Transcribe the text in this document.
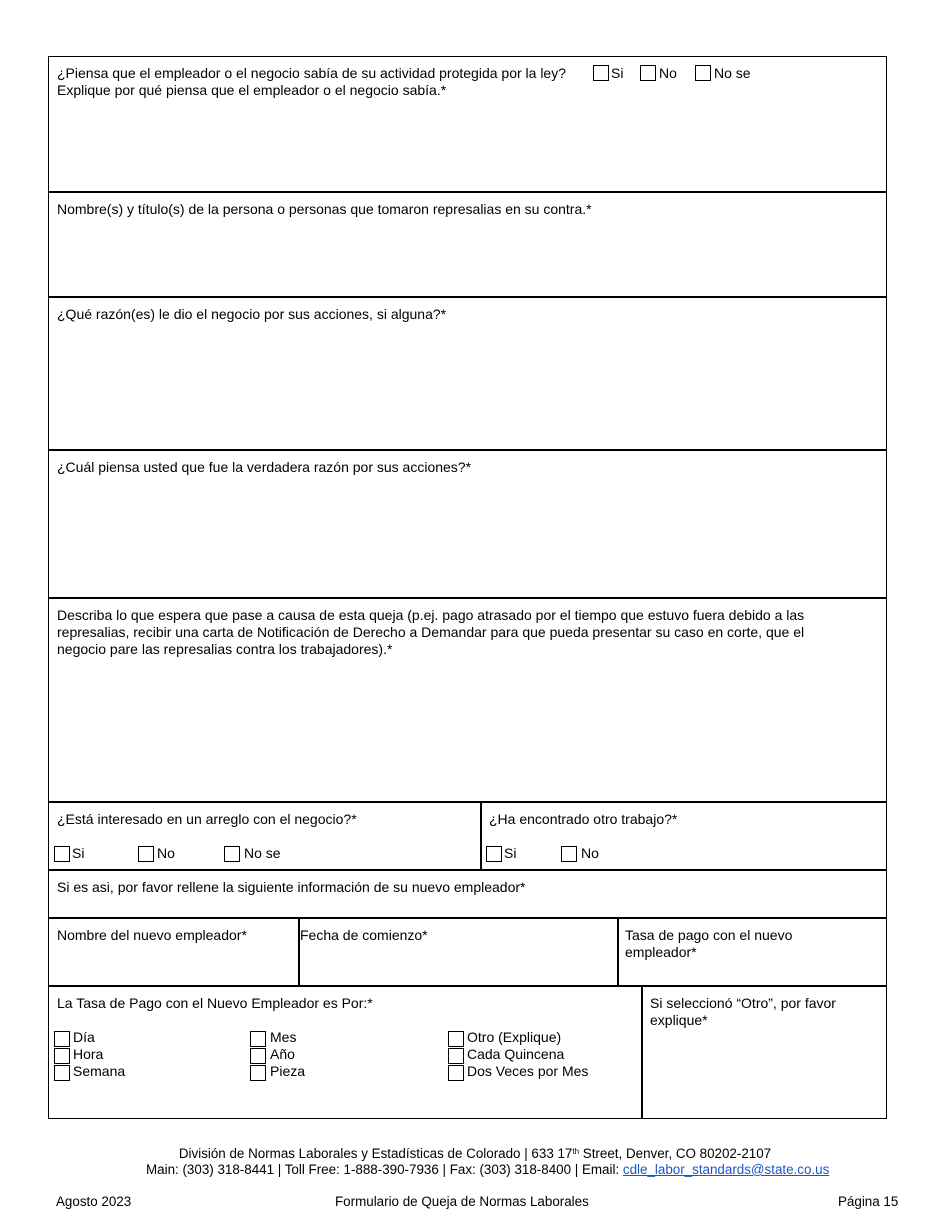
¿Piensa que el empleador o el negocio sabía de su actividad protegida por la ley?	Si	No	No se
Explique por qué piensa que el empleador o el negocio sabía.*
Nombre(s) y título(s) de la persona o personas que tomaron represalias en su contra.*
¿Qué razón(es) le dio el negocio por sus acciones, si alguna?*
¿Cuál piensa usted que fue la verdadera razón por sus acciones?*
Describa lo que espera que pase a causa de esta queja (p.ej. pago atrasado por el tiempo que estuvo fuera debido a las represalias, recibir una carta de Notificación de Derecho a Demandar para que pueda presentar su caso en corte, que el negocio pare las represalias contra los trabajadores).*
¿Está interesado en un arreglo con el negocio?*
Si	No	No se
¿Ha encontrado otro trabajo?*
Si	No
Si es asi, por favor rellene la siguiente información de su nuevo empleador*
Nombre del nuevo empleador*	Fecha de comienzo*	Tasa de pago con el nuevo empleador*
La Tasa de Pago con el Nuevo Empleador es Por:*
Día
Hora
Semana
Mes
Año
Pieza
Otro (Explique)
Cada Quincena
Dos Veces por Mes
Si seleccionó “Otro”, por favor explique*
División de Normas Laborales y Estadísticas de Colorado | 633 17th Street, Denver, CO 80202-2107
Main: (303) 318-8441 | Toll Free: 1-888-390-7936 | Fax: (303) 318-8400 | Email: cdle_labor_standards@state.co.us
Agosto 2023	Formulario de Queja de Normas Laborales	Página 15
